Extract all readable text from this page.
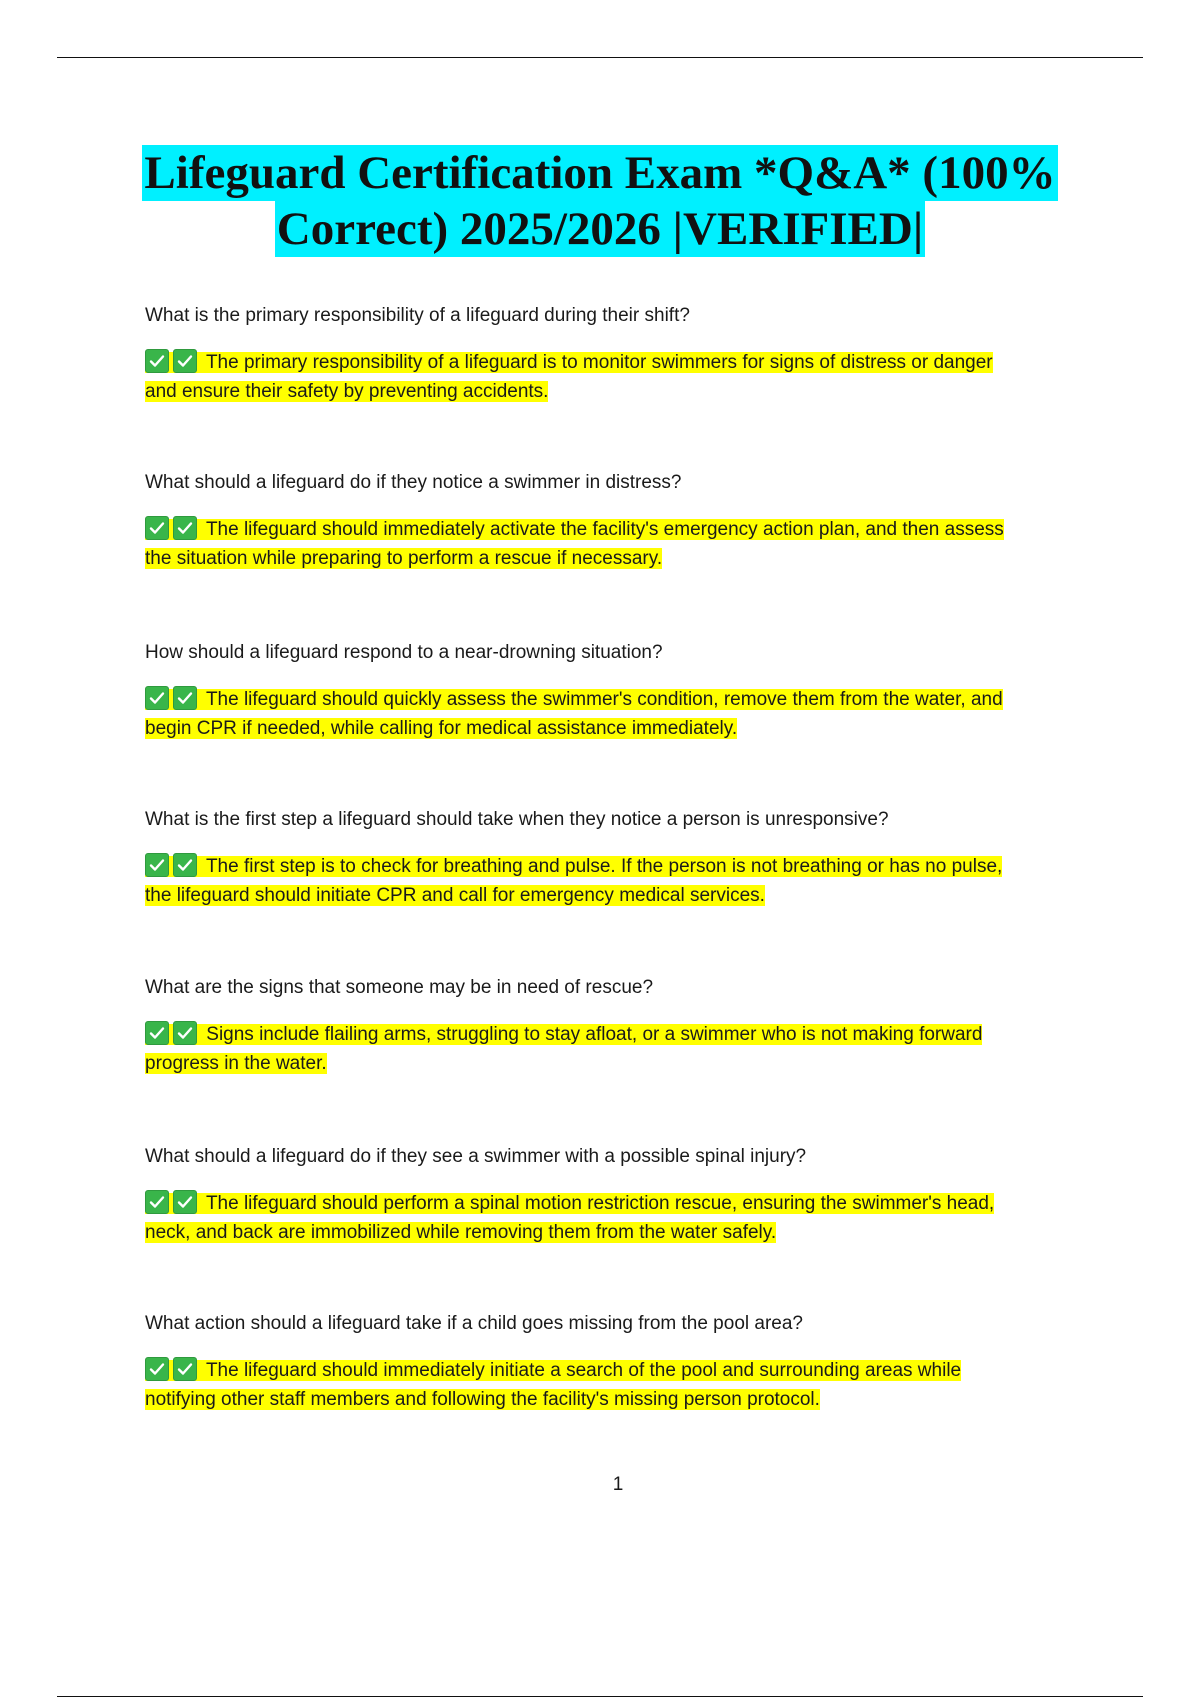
Lifeguard Certification Exam *Q&A* (100%
Correct) 2025/2026 |VERIFIED|
What is the primary responsibility of a lifeguard during their shift?
The primary responsibility of a lifeguard is to monitor swimmers for signs of distress or danger
and ensure their safety by preventing accidents.
What should a lifeguard do if they notice a swimmer in distress?
The lifeguard should immediately activate the facility's emergency action plan, and then assess
the situation while preparing to perform a rescue if necessary.
How should a lifeguard respond to a near-drowning situation?
The lifeguard should quickly assess the swimmer's condition, remove them from the water, and
begin CPR if needed, while calling for medical assistance immediately.
What is the first step a lifeguard should take when they notice a person is unresponsive?
The first step is to check for breathing and pulse. If the person is not breathing or has no pulse,
the lifeguard should initiate CPR and call for emergency medical services.
What are the signs that someone may be in need of rescue?
Signs include flailing arms, struggling to stay afloat, or a swimmer who is not making forward
progress in the water.
What should a lifeguard do if they see a swimmer with a possible spinal injury?
The lifeguard should perform a spinal motion restriction rescue, ensuring the swimmer's head,
neck, and back are immobilized while removing them from the water safely.
What action should a lifeguard take if a child goes missing from the pool area?
The lifeguard should immediately initiate a search of the pool and surrounding areas while
notifying other staff members and following the facility's missing person protocol.
1
